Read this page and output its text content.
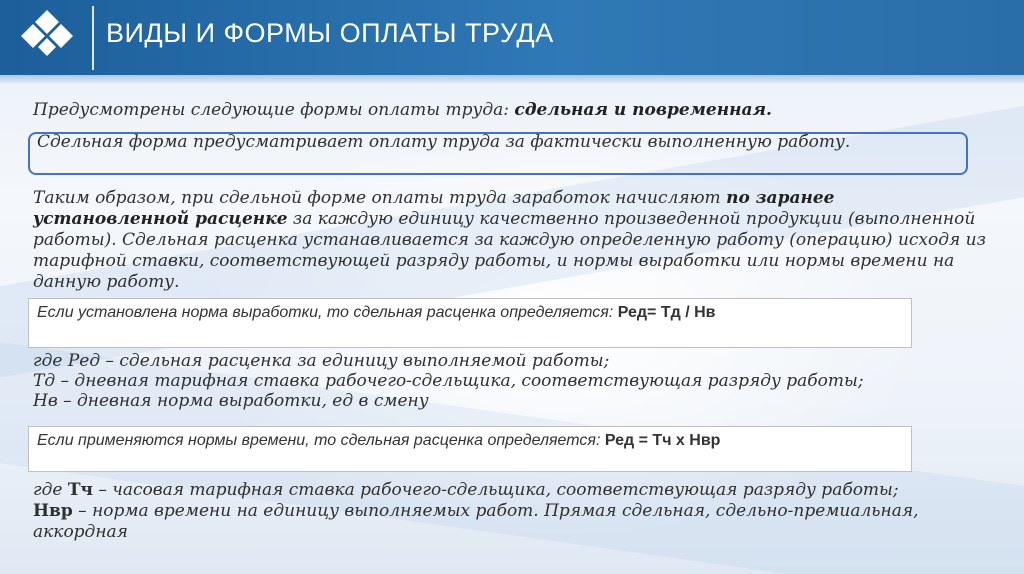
ВИДЫ И ФОРМЫ ОПЛАТЫ ТРУДА
Предусмотрены следующие формы оплаты труда: сдельная и повременная.
Сдельная форма предусматривает оплату труда за фактически выполненную работу.
Таким образом, при сдельной форме оплаты труда заработок начисляют по заранее установленной расценке за каждую единицу качественно произведенной продукции (выполненной работы). Сдельная расценка устанавливается за каждую определенную работу (операцию) исходя из тарифной ставки, соответствующей разряду работы, и нормы выработки или нормы времени на данную работу.
Если установлена норма выработки, то сдельная расценка определяется: Ред= Тд / Нв
где Ред – сдельная расценка за единицу выполняемой работы;
Тд – дневная тарифная ставка рабочего-сдельщика, соответствующая разряду работы;
Нв – дневная норма выработки, ед в смену
Если применяются нормы времени, то сдельная расценка определяется: Ред = Тч х Нвр
где Тч – часовая тарифная ставка рабочего-сдельщика, соответствующая разряду работы;
Нвр – норма времени на единицу выполняемых работ. Прямая сдельная, сдельно-премиальная, аккордная
